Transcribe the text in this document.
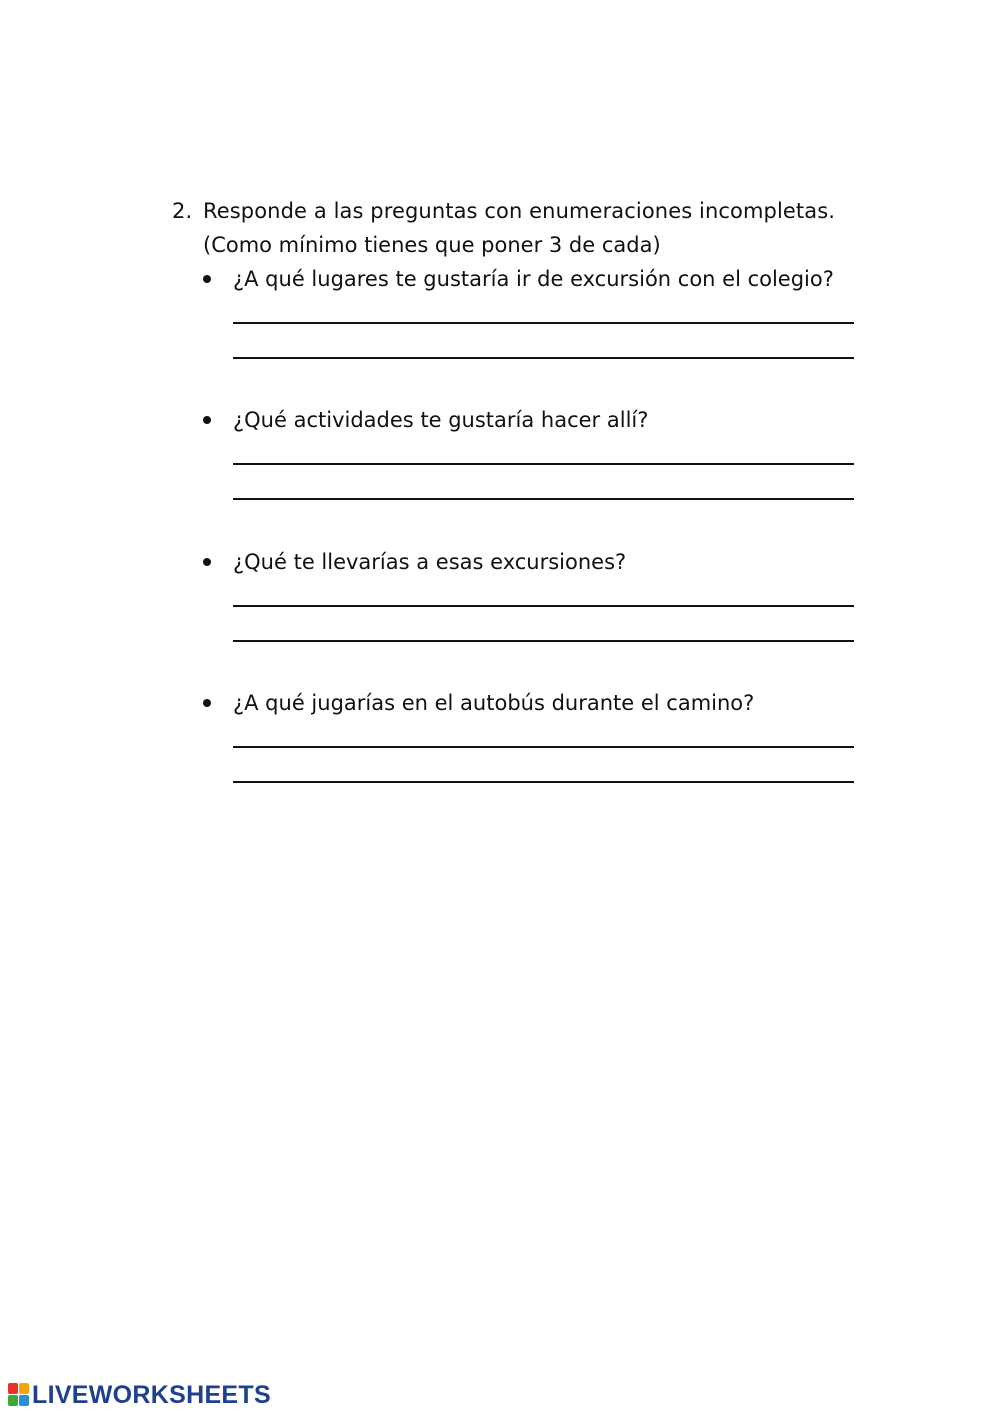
2. Responde a las preguntas con enumeraciones incompletas.
(Como mínimo tienes que poner 3 de cada)
¿A qué lugares te gustaría ir de excursión con el colegio?
¿Qué actividades te gustaría hacer allí?
¿Qué te llevarías a esas excursiones?
¿A qué jugarías en el autobús durante el camino?
LIVEWORKSHEETS
